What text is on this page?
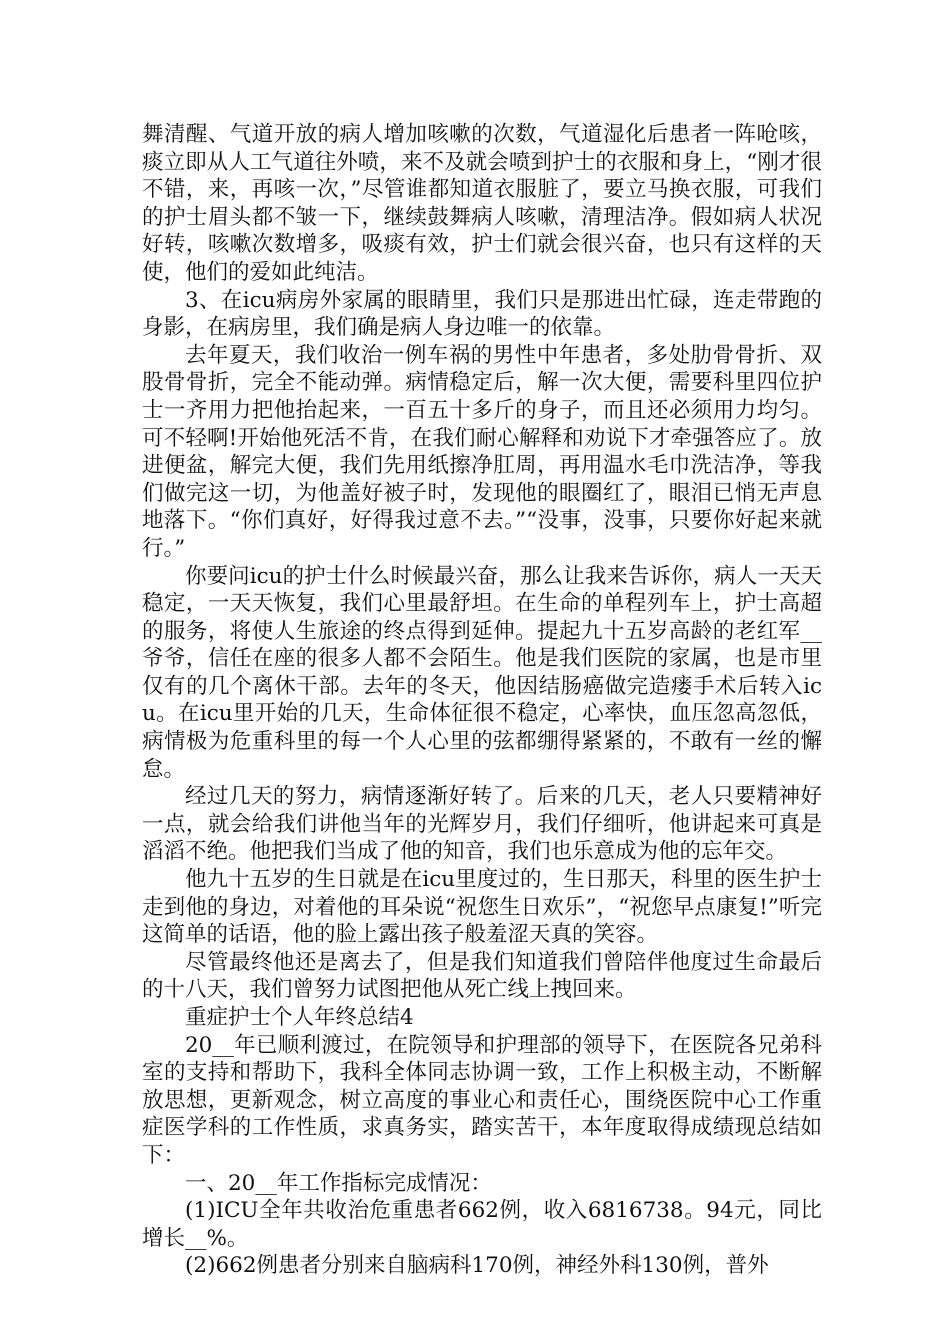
舞清醒、气道开放的病人增加咳嗽的次数，气道湿化后患者一阵呛咳，痰立即从人工气道往外喷，来不及就会喷到护士的衣服和身上，“刚才很不错，来，再咳一次，”尽管谁都知道衣服脏了，要立马换衣服，可我们的护士眉头都不皱一下，继续鼓舞病人咳嗽，清理洁净。假如病人状况好转，咳嗽次数增多，吸痰有效，护士们就会很兴奋，也只有这样的天使，他们的爱如此纯洁。

3、在icu病房外家属的眼睛里，我们只是那进出忙碌，连走带跑的身影，在病房里，我们确是病人身边唯一的依靠。

去年夏天，我们收治一例车祸的男性中年患者，多处肋骨骨折、双股骨骨折，完全不能动弹。病情稳定后，解一次大便，需要科里四位护士一齐用力把他抬起来，一百五十多斤的身子，而且还必须用力均匀。可不轻啊!开始他死活不肯，在我们耐心解释和劝说下才牵强答应了。放进便盆，解完大便，我们先用纸擦净肛周，再用温水毛巾洗洁净，等我们做完这一切，为他盖好被子时，发现他的眼圈红了，眼泪已悄无声息地落下。“你们真好，好得我过意不去。”“没事，没事，只要你好起来就行。”

你要问icu的护士什么时候最兴奋，那么让我来告诉你，病人一天天稳定，一天天恢复，我们心里最舒坦。在生命的单程列车上，护士高超的服务，将使人生旅途的终点得到延伸。提起九十五岁高龄的老红军__爷爷，信任在座的很多人都不会陌生。他是我们医院的家属，也是市里仅有的几个离休干部。去年的冬天，他因结肠癌做完造瘘手术后转入icu。在icu里开始的几天，生命体征很不稳定，心率快，血压忽高忽低，病情极为危重科里的每一个人心里的弦都绷得紧紧的，不敢有一丝的懈怠。

经过几天的努力，病情逐渐好转了。后来的几天，老人只要精神好一点，就会给我们讲他当年的光辉岁月，我们仔细听，他讲起来可真是滔滔不绝。他把我们当成了他的知音，我们也乐意成为他的忘年交。

他九十五岁的生日就是在icu里度过的，生日那天，科里的医生护士走到他的身边，对着他的耳朵说“祝您生日欢乐”，“祝您早点康复!”听完这简单的话语，他的脸上露出孩子般羞涩天真的笑容。

尽管最终他还是离去了，但是我们知道我们曾陪伴他度过生命最后的十八天，我们曾努力试图把他从死亡线上拽回来。

重症护士个人年终总结4

20__年已顺利渡过，在院领导和护理部的领导下，在医院各兄弟科室的支持和帮助下，我科全体同志协调一致，工作上积极主动，不断解放思想，更新观念，树立高度的事业心和责任心，围绕医院中心工作重症医学科的工作性质，求真务实，踏实苦干，本年度取得成绩现总结如下：

一、20__年工作指标完成情况：

(1)ICU全年共收治危重患者662例，收入6816738。94元，同比增长__%。

(2)662例患者分别来自脑病科170例，神经外科130例，普外
